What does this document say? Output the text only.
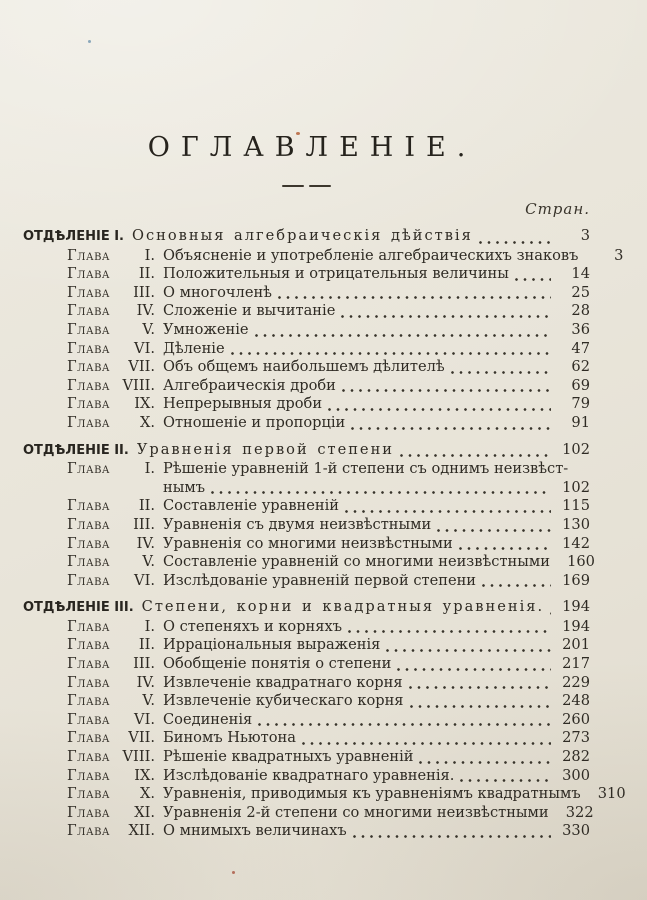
ОГЛАВЛЕНІЕ.
Стран.
ОТДѢЛЕНІЕ I. Основныя алгебраическія дѣйствія	3
Глава	I. Объясненіе и употребленіе алгебраическихъ знаковъ	3
Глава	II. Положительныя и отрицательныя величины	14
Глава	III. О многочленѣ	25
Глава	IV. Сложеніе и вычитаніе	28
Глава	V. Умноженіе	36
Глава	VI. Дѣленіе	47
Глава	VII. Объ общемъ наибольшемъ дѣлителѣ	62
Глава VIII. Алгебраическія дроби	69
Глава	IX. Непрерывныя дроби	79
Глава	X. Отношеніе и пропорціи	91
ОТДѢЛЕНІЕ II. Уравненія первой степени	102
Глава	I. Рѣшеніе уравненій 1-й степени съ однимъ неизвѣст-
нымъ	102
Глава	II. Составленіе уравненій	115
Глава	III. Уравненія съ двумя неизвѣстными	130
Глава	IV. Уравненія со многими неизвѣстными	142
Глава	V. Составленіе уравненій со многими неизвѣстными	160
Глава	VI. Изслѣдованіе уравненій первой степени	169
ОТДѢЛЕНІЕ III. Степени, корни и квадратныя уравненія.	194
Глава	I. О степеняхъ и корняхъ	194
Глава	II. Ирраціональныя выраженія	201
Глава	III. Обобщеніе понятія о степени	217
Глава	IV. Извлеченіе квадратнаго корня	229
Глава	V. Извлеченіе кубическаго корня	248
Глава	VI. Соединенія	260
Глава	VII. Биномъ Ньютона	273
Глава VIII. Рѣшеніе квадратныхъ уравненій	282
Глава	IX. Изслѣдованіе квадратнаго уравненія.	300
Глава	X. Уравненія, приводимыя къ уравненіямъ квадратнымъ	310
Глава	XI. Уравненія 2-й степени со многими неизвѣстными	322
Глава	XII. О мнимыхъ величинахъ	330
